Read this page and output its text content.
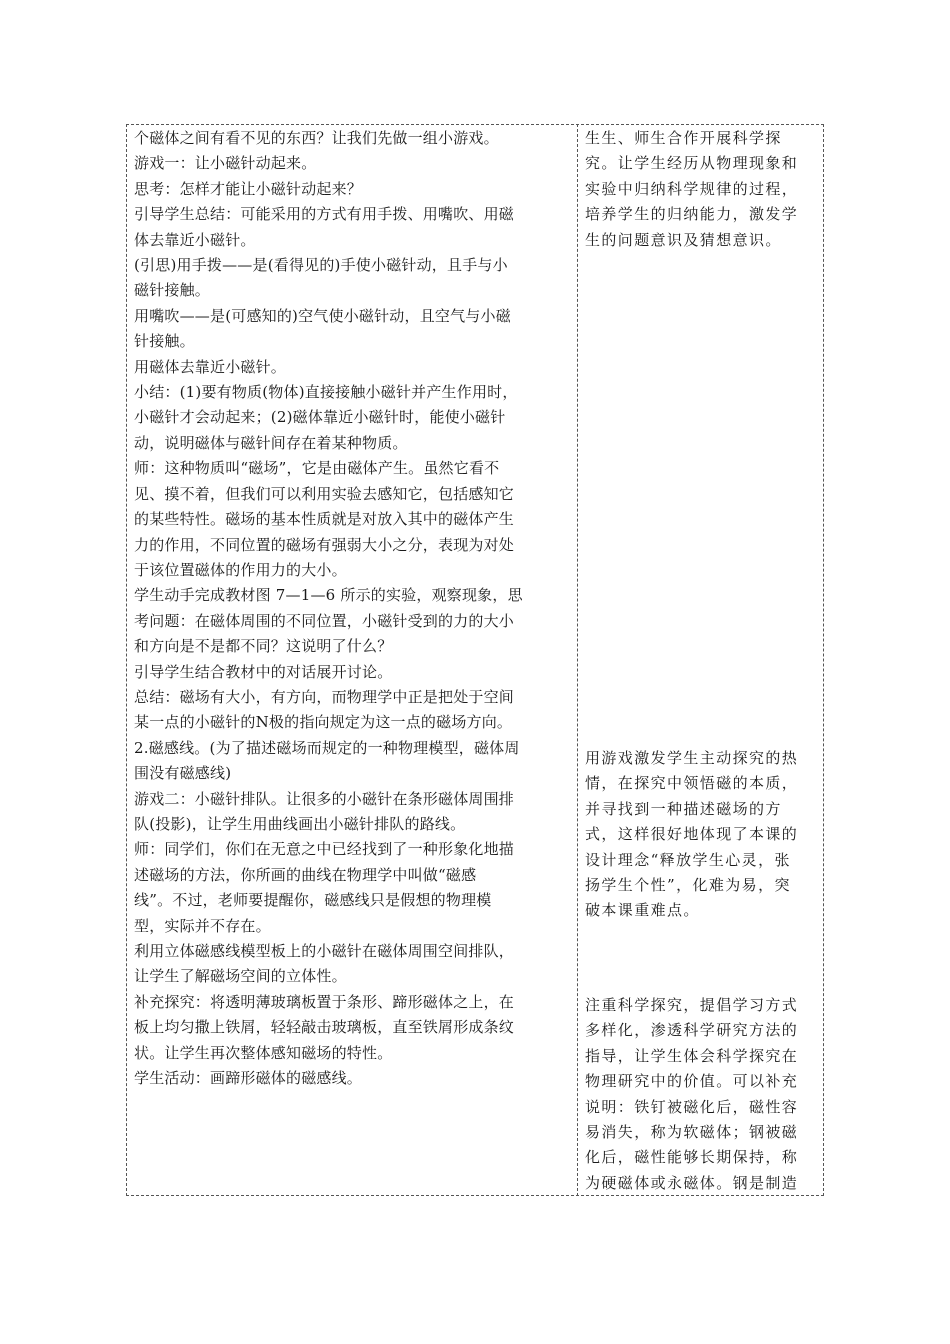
个磁体之间有看不见的东西？让我们先做一组小游戏。
游戏一：让小磁针动起来。
思考：怎样才能让小磁针动起来？
引导学生总结：可能采用的方式有用手拨、用嘴吹、用磁
体去靠近小磁针。
(引思)用手拨——是(看得见的)手使小磁针动，且手与小
磁针接触。
用嘴吹——是(可感知的)空气使小磁针动，且空气与小磁
针接触。
用磁体去靠近小磁针。
小结：(1)要有物质(物体)直接接触小磁针并产生作用时，
小磁针才会动起来；(2)磁体靠近小磁针时，能使小磁针
动，说明磁体与磁针间存在着某种物质。
师：这种物质叫“磁场”，它是由磁体产生。虽然它看不
见、摸不着，但我们可以利用实验去感知它，包括感知它
的某些特性。磁场的基本性质就是对放入其中的磁体产生
力的作用，不同位置的磁场有强弱大小之分，表现为对处
于该位置磁体的作用力的大小。
学生动手完成教材图 7—1—6 所示的实验，观察现象，思
考问题：在磁体周围的不同位置，小磁针受到的力的大小
和方向是不是都不同？这说明了什么？
引导学生结合教材中的对话展开讨论。
总结：磁场有大小，有方向，而物理学中正是把处于空间
某一点的小磁针的N极的指向规定为这一点的磁场方向。
2.磁感线。(为了描述磁场而规定的一种物理模型，磁体周
围没有磁感线)
游戏二：小磁针排队。让很多的小磁针在条形磁体周围排
队(投影)，让学生用曲线画出小磁针排队的路线。
师：同学们，你们在无意之中已经找到了一种形象化地描
述磁场的方法，你所画的曲线在物理学中叫做“磁感
线”。不过，老师要提醒你，磁感线只是假想的物理模
型，实际并不存在。
利用立体磁感线模型板上的小磁针在磁体周围空间排队，
让学生了解磁场空间的立体性。
补充探究：将透明薄玻璃板置于条形、蹄形磁体之上，在
板上均匀撒上铁屑，轻轻敲击玻璃板，直至铁屑形成条纹
状。让学生再次整体感知磁场的特性。
学生活动：画蹄形磁体的磁感线。
生生、师生合作开展科学探
究。让学生经历从物理现象和
实验中归纳科学规律的过程，
培养学生的归纳能力，激发学
生的问题意识及猜想意识。
用游戏激发学生主动探究的热
情，在探究中领悟磁的本质，
并寻找到一种描述磁场的方
式，这样很好地体现了本课的
设计理念“释放学生心灵，张
扬学生个性”，化难为易，突
破本课重难点。
注重科学探究，提倡学习方式
多样化，渗透科学研究方法的
指导，让学生体会科学探究在
物理研究中的价值。可以补充
说明：铁钉被磁化后，磁性容
易消失，称为软磁体；钢被磁
化后，磁性能够长期保持，称
为硬磁体或永磁体。钢是制造
